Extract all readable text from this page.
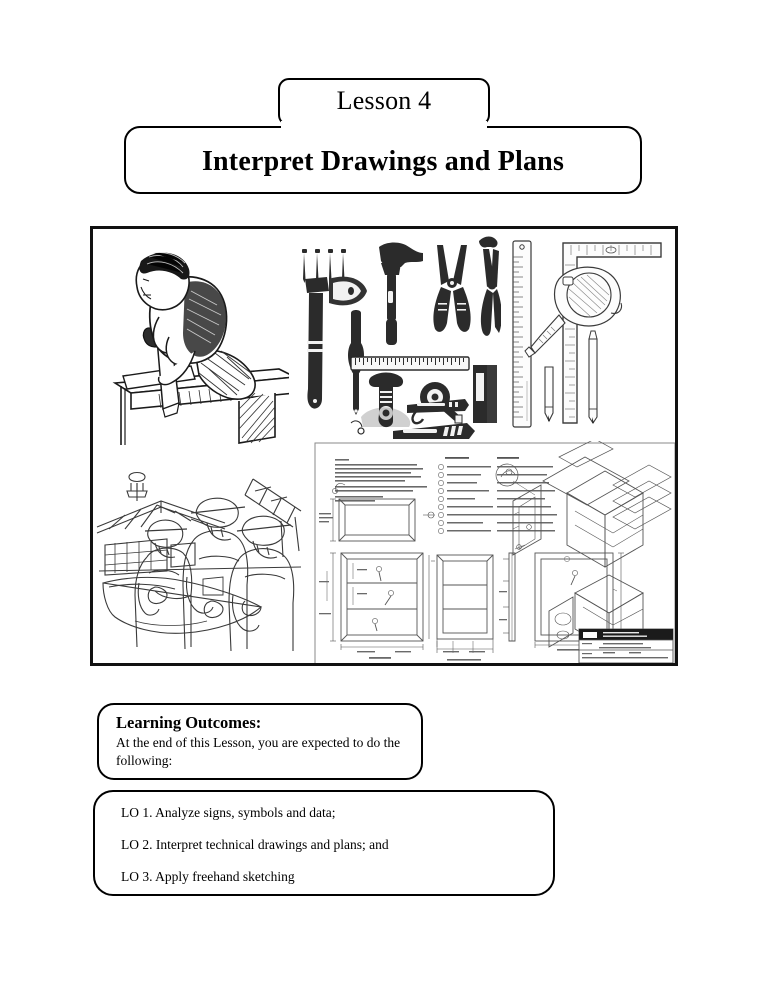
Interpret Drawings and Plans
Lesson 4
LO 1. Analyze signs, symbols and data;
LO 2. Interpret technical drawings and plans; and
LO 3. Apply freehand sketching
Learning Outcomes:
At the end of this Lesson, you are expected to do the following:
